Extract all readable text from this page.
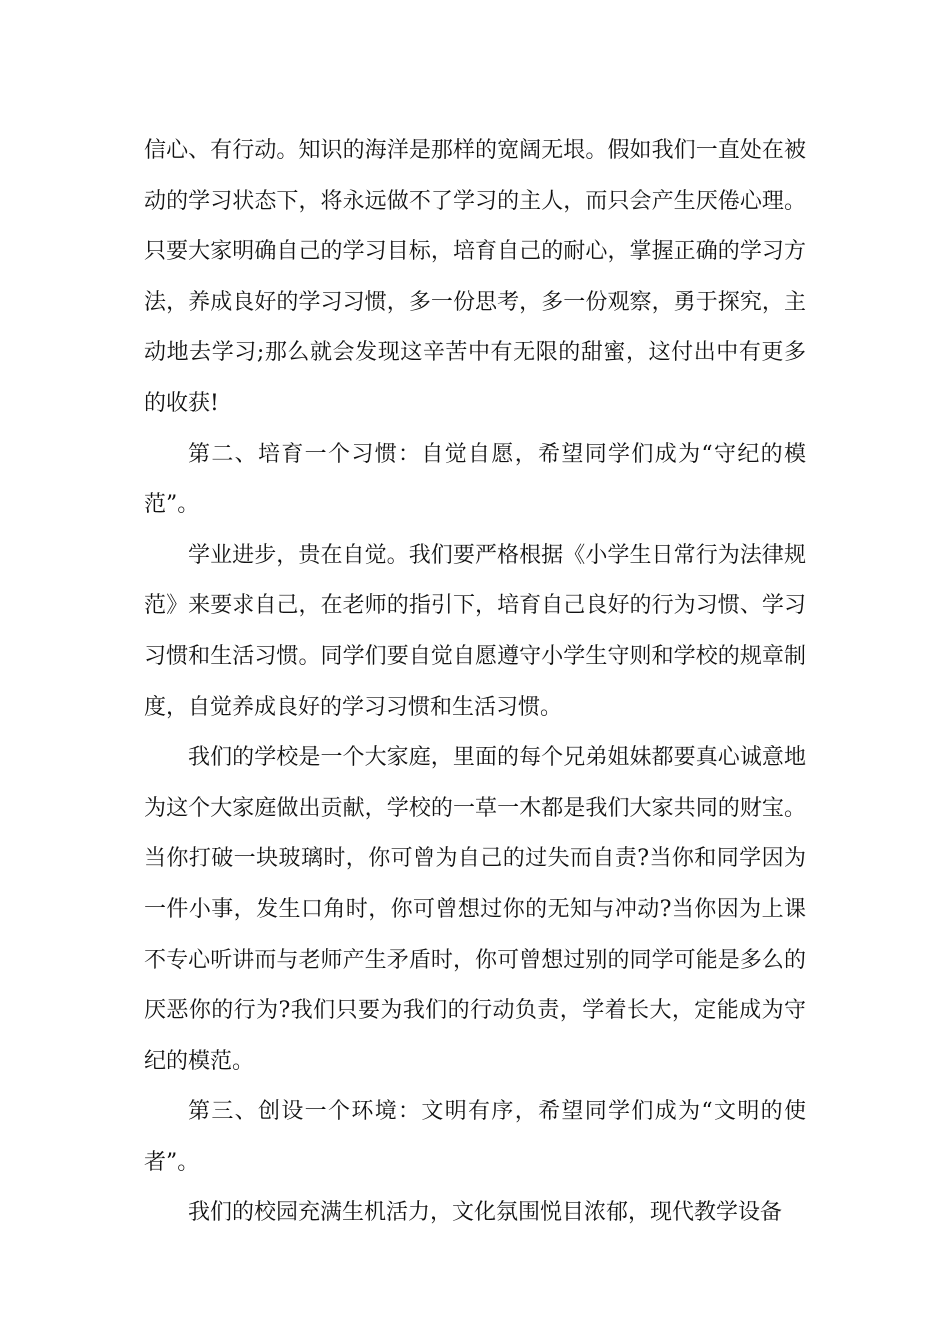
信心、有行动。知识的海洋是那样的宽阔无垠。假如我们一直处在被动的学习状态下，将永远做不了学习的主人，而只会产生厌倦心理。只要大家明确自己的学习目标，培育自己的耐心，掌握正确的学习方法，养成良好的学习习惯，多一份思考，多一份观察，勇于探究，主动地去学习;那么就会发现这辛苦中有无限的甜蜜，这付出中有更多的收获!

第二、培育一个习惯：自觉自愿，希望同学们成为“守纪的模范”。

学业进步，贵在自觉。我们要严格根据《小学生日常行为法律规范》来要求自己，在老师的指引下，培育自己良好的行为习惯、学习习惯和生活习惯。同学们要自觉自愿遵守小学生守则和学校的规章制度，自觉养成良好的学习习惯和生活习惯。

我们的学校是一个大家庭，里面的每个兄弟姐妹都要真心诚意地为这个大家庭做出贡献，学校的一草一木都是我们大家共同的财宝。当你打破一块玻璃时，你可曾为自己的过失而自责?当你和同学因为一件小事，发生口角时，你可曾想过你的无知与冲动?当你因为上课不专心听讲而与老师产生矛盾时，你可曾想过别的同学可能是多么的厌恶你的行为?我们只要为我们的行动负责，学着长大，定能成为守纪的模范。

第三、创设一个环境：文明有序，希望同学们成为“文明的使者”。

我们的校园充满生机活力，文化氛围悦目浓郁，现代教学设备
